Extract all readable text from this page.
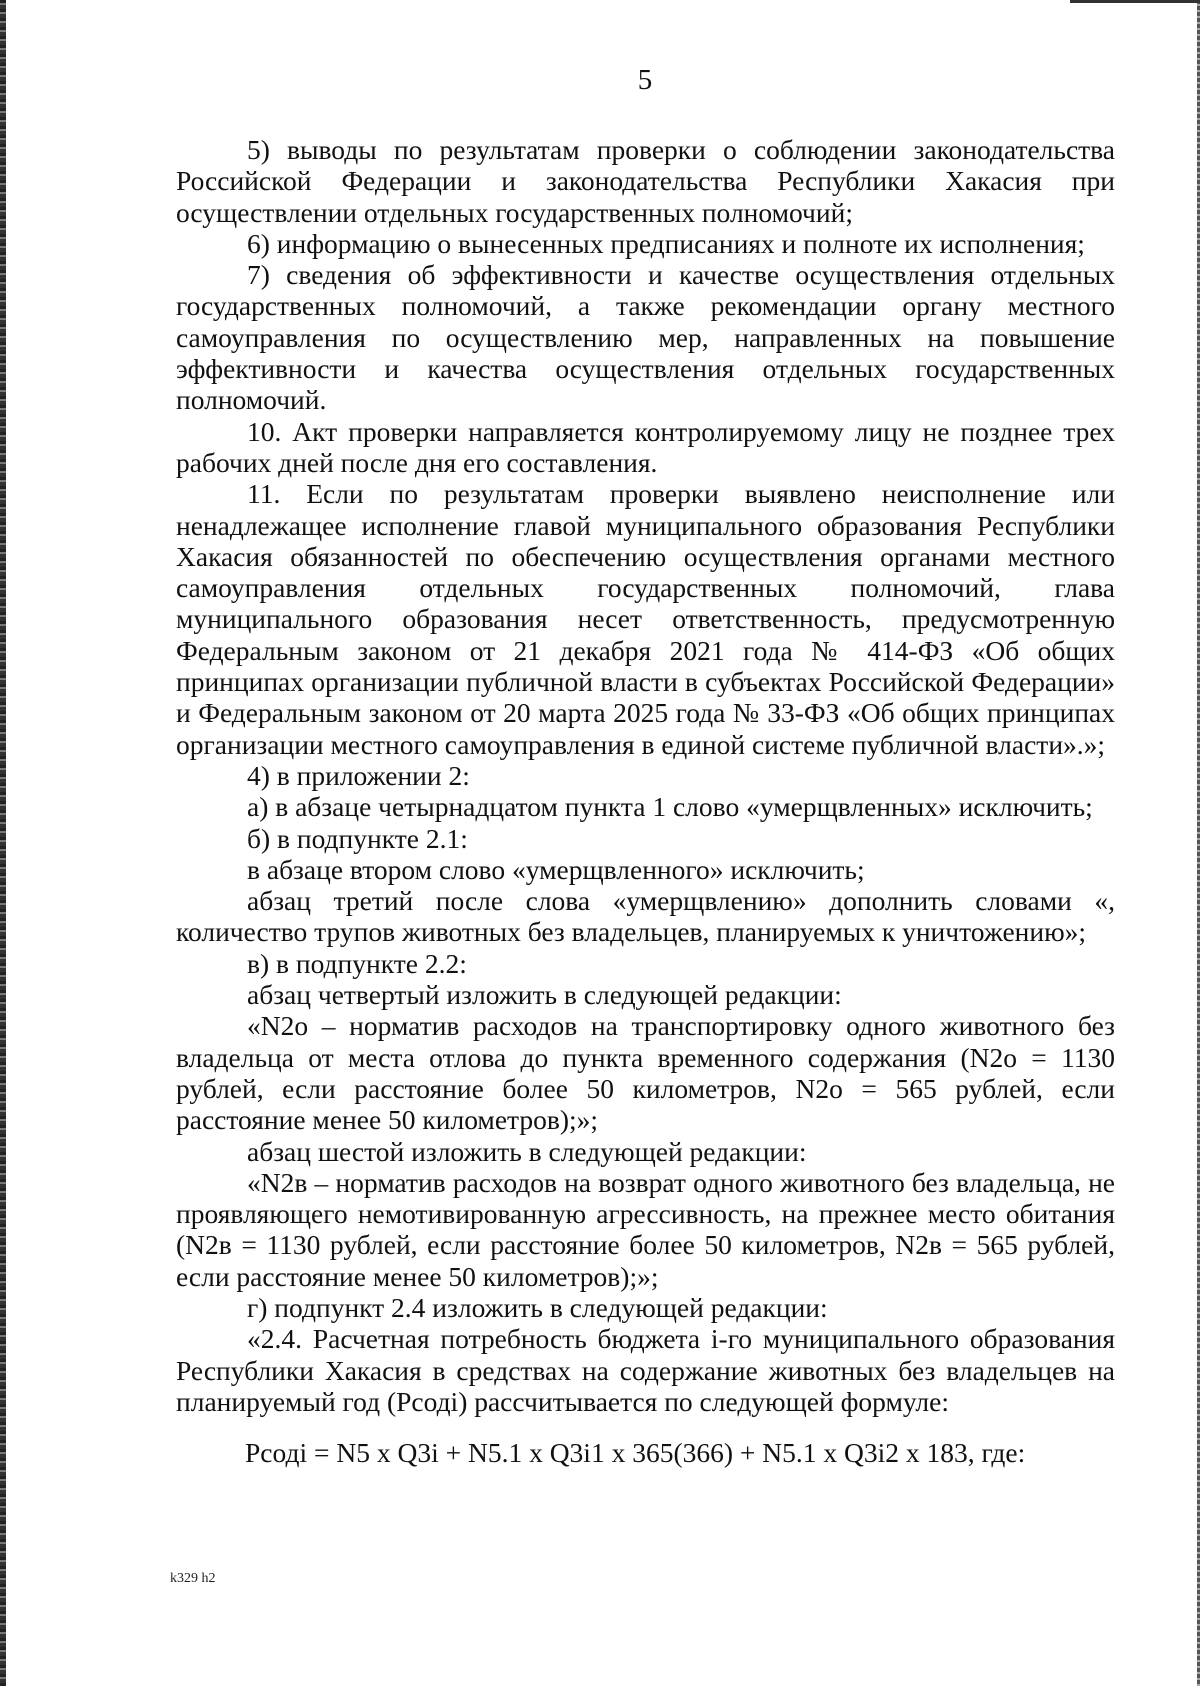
5

5) выводы по результатам проверки о соблюдении законодательства Российской Федерации и законодательства Республики Хакасия при осуществлении отдельных государственных полномочий;

6) информацию о вынесенных предписаниях и полноте их исполнения;

7) сведения об эффективности и качестве осуществления отдельных государственных полномочий, а также рекомендации органу местного самоуправления по осуществлению мер, направленных на повышение эффективности и качества осуществления отдельных государственных полномочий.

10. Акт проверки направляется контролируемому лицу не позднее трех рабочих дней после дня его составления.

11. Если по результатам проверки выявлено неисполнение или ненадлежащее исполнение главой муниципального образования Республики Хакасия обязанностей по обеспечению осуществления органами местного самоуправления отдельных государственных полномочий, глава муниципального образования несет ответственность, предусмотренную Федеральным законом от 21 декабря 2021 года № 414-ФЗ «Об общих принципах организации публичной власти в субъектах Российской Федерации» и Федеральным законом от 20 марта 2025 года № 33-ФЗ «Об общих принципах организации местного самоуправления в единой системе публичной власти».»;

4) в приложении 2:

а) в абзаце четырнадцатом пункта 1 слово «умерщвленных» исключить;

б) в подпункте 2.1:

в абзаце втором слово «умерщвленного» исключить;

абзац третий после слова «умерщвлению» дополнить словами «, количество трупов животных без владельцев, планируемых к уничтожению»;

в) в подпункте 2.2:

абзац четвертый изложить в следующей редакции:

«N2о – норматив расходов на транспортировку одного животного без владельца от места отлова до пункта временного содержания (N2о = 1130 рублей, если расстояние более 50 километров, N2о = 565 рублей, если расстояние менее 50 километров);»;

абзац шестой изложить в следующей редакции:

«N2в – норматив расходов на возврат одного животного без владельца, не проявляющего немотивированную агрессивность, на прежнее место обитания (N2в = 1130 рублей, если расстояние более 50 километров, N2в = 565 рублей, если расстояние менее 50 километров);»;

г) подпункт 2.4 изложить в следующей редакции:

«2.4. Расчетная потребность бюджета i-го муниципального образования Республики Хакасия в средствах на содержание животных без владельцев на планируемый год (Рсодi) рассчитывается по следующей формуле:

Рсодi = N5 x Q3i + N5.1 x Q3i1 x 365(366) + N5.1 x Q3i2 x 183, где:

k329 h2
